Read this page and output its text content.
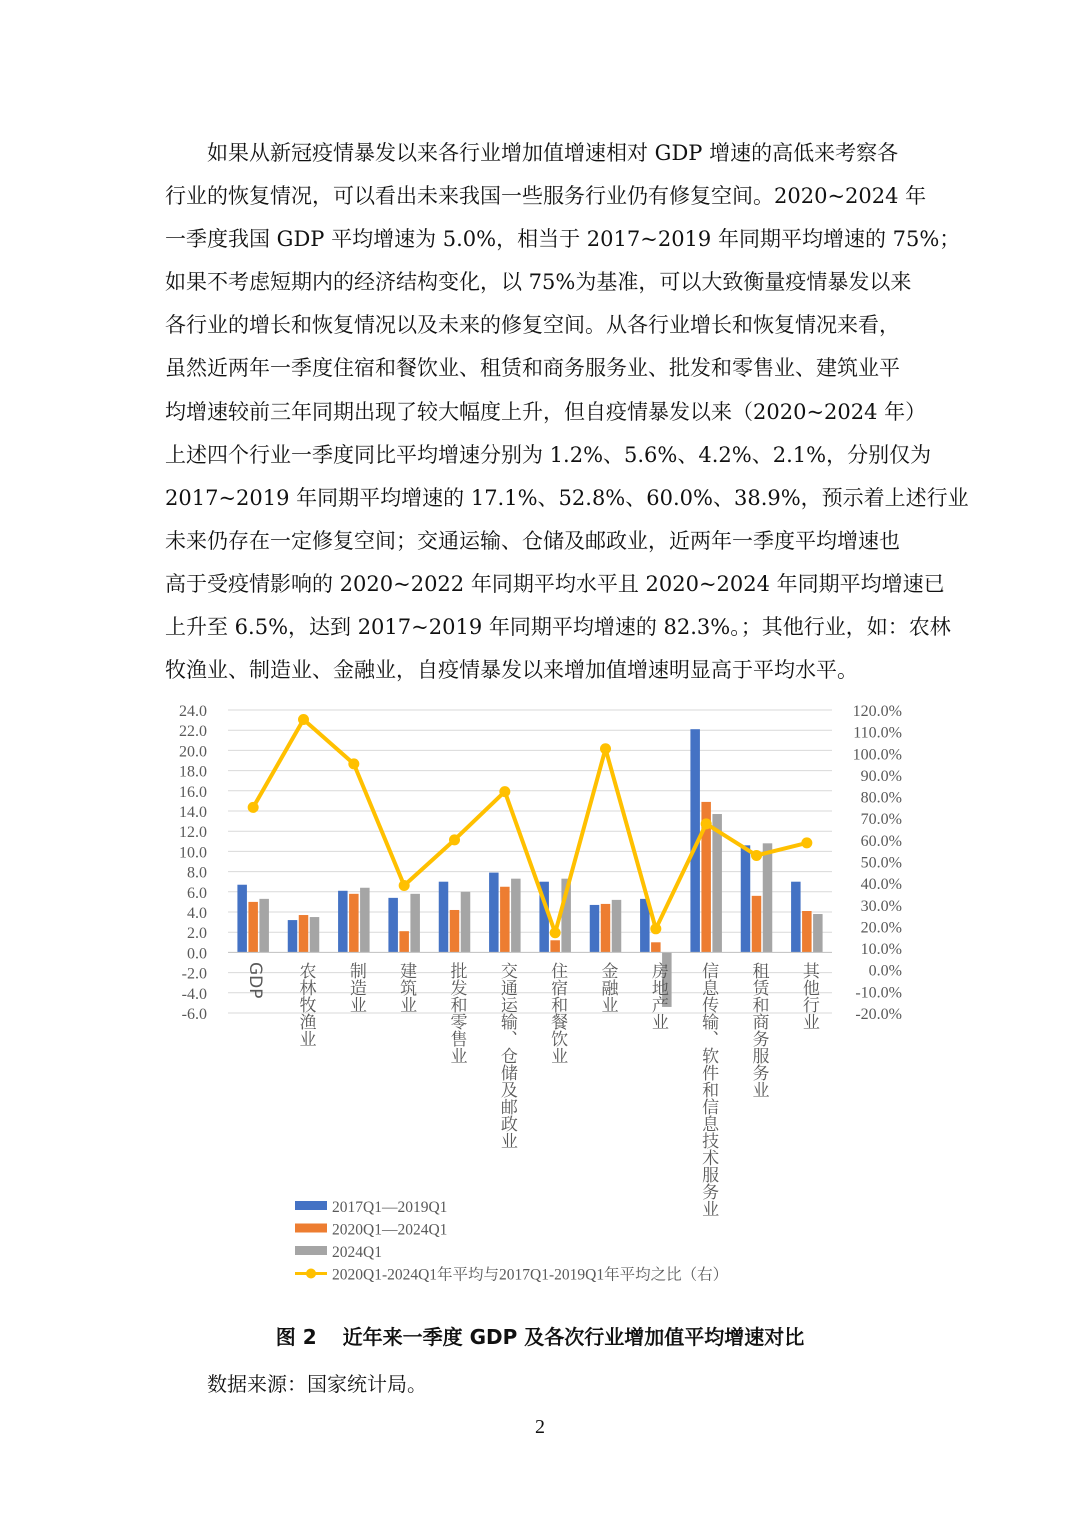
如果从新冠疫情暴发以来各行业增加值增速相对 GDP 增速的高低来考察各
行业的恢复情况，可以看出未来我国一些服务行业仍有修复空间。2020~2024 年
一季度我国 GDP 平均增速为 5.0%，相当于 2017~2019 年同期平均增速的 75%；
如果不考虑短期内的经济结构变化，以 75%为基准，可以大致衡量疫情暴发以来
各行业的增长和恢复情况以及未来的修复空间。从各行业增长和恢复情况来看，
虽然近两年一季度住宿和餐饮业、租赁和商务服务业、批发和零售业、建筑业平
均增速较前三年同期出现了较大幅度上升，但自疫情暴发以来（2020~2024 年）
上述四个行业一季度同比平均增速分别为 1.2%、5.6%、4.2%、2.1%，分别仅为
2017~2019 年同期平均增速的 17.1%、52.8%、60.0%、38.9%，预示着上述行业
未来仍存在一定修复空间；交通运输、仓储及邮政业，近两年一季度平均增速也
高于受疫情影响的 2020~2022 年同期平均水平且 2020~2024 年同期平均增速已
上升至 6.5%，达到 2017~2019 年同期平均增速的 82.3%。；其他行业，如：农林
牧渔业、制造业、金融业，自疫情暴发以来增加值增速明显高于平均水平。
24.0
22.0
20.0
18.0
16.0
14.0
12.0
10.0
8.0
6.0
4.0
2.0
0.0
-2.0
-4.0
-6.0
120.0%
110.0%
100.0%
90.0%
80.0%
70.0%
60.0%
50.0%
40.0%
30.0%
20.0%
10.0%
0.0%
-10.0%
-20.0%
GDP 农林牧渔业 制造业 建筑业 批发和零售业 交通运输、仓储及邮政业 住宿和餐饮业 金融业 房地产业 信息传输、软件和信息技术服务业 租赁和商务服务业 其他行业
2017Q1—2019Q1
2020Q1—2024Q1
2024Q1
2020Q1-2024Q1年平均与2017Q1-2019Q1年平均之比（右）
图 2 近年来一季度 GDP 及各次行业增加值平均增速对比
数据来源：国家统计局。
2
